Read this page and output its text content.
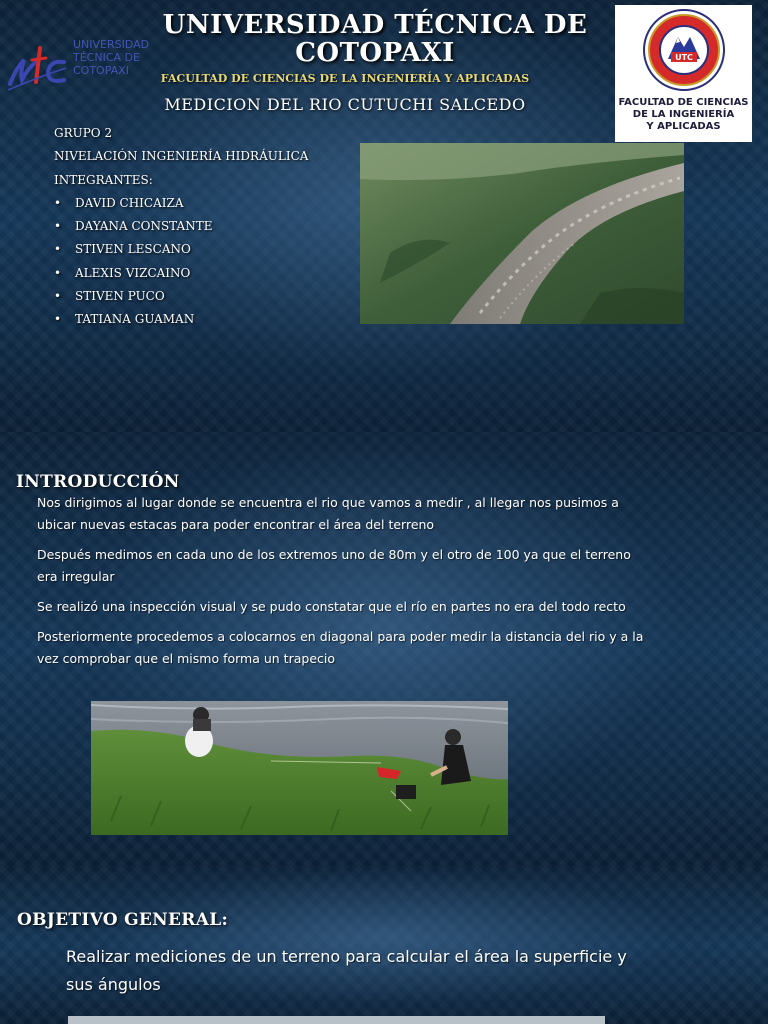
UNIVERSIDAD TÉCNICA DE COTOPAXI
FACULTAD DE CIENCIAS DE LA INGENIERÍA Y APLICADAS
MEDICION DEL RIO CUTUCHI SALCEDO
UNIVERSIDAD TÉCNICA DE COTOPAXI
UTC
FACULTAD DE CIENCIAS
DE LA INGENIERÍA
Y APLICADAS
GRUPO 2
NIVELACIÓN INGENIERÍA HIDRÁULICA
INTEGRANTES:
• DAVID CHICAIZA
• DAYANA CONSTANTE
• STIVEN LESCANO
• ALEXIS VIZCAINO
• STIVEN PUCO
• TATIANA GUAMAN
INTRODUCCIÓN

Nos dirigimos al lugar donde se encuentra el rio que vamos a medir , al llegar nos pusimos a ubicar nuevas estacas para poder encontrar el área del terreno

Después medimos en cada uno de los extremos uno de 80m y el otro de 100 ya que el terreno era irregular

Se realizó una inspección visual y se pudo constatar que el río en partes no era del todo recto

Posteriormente procedemos a colocarnos en diagonal para poder medir la distancia del rio y a la vez comprobar que el mismo forma un trapecio

OBJETIVO GENERAL:

Realizar mediciones de un terreno para calcular el área la superficie y sus ángulos
